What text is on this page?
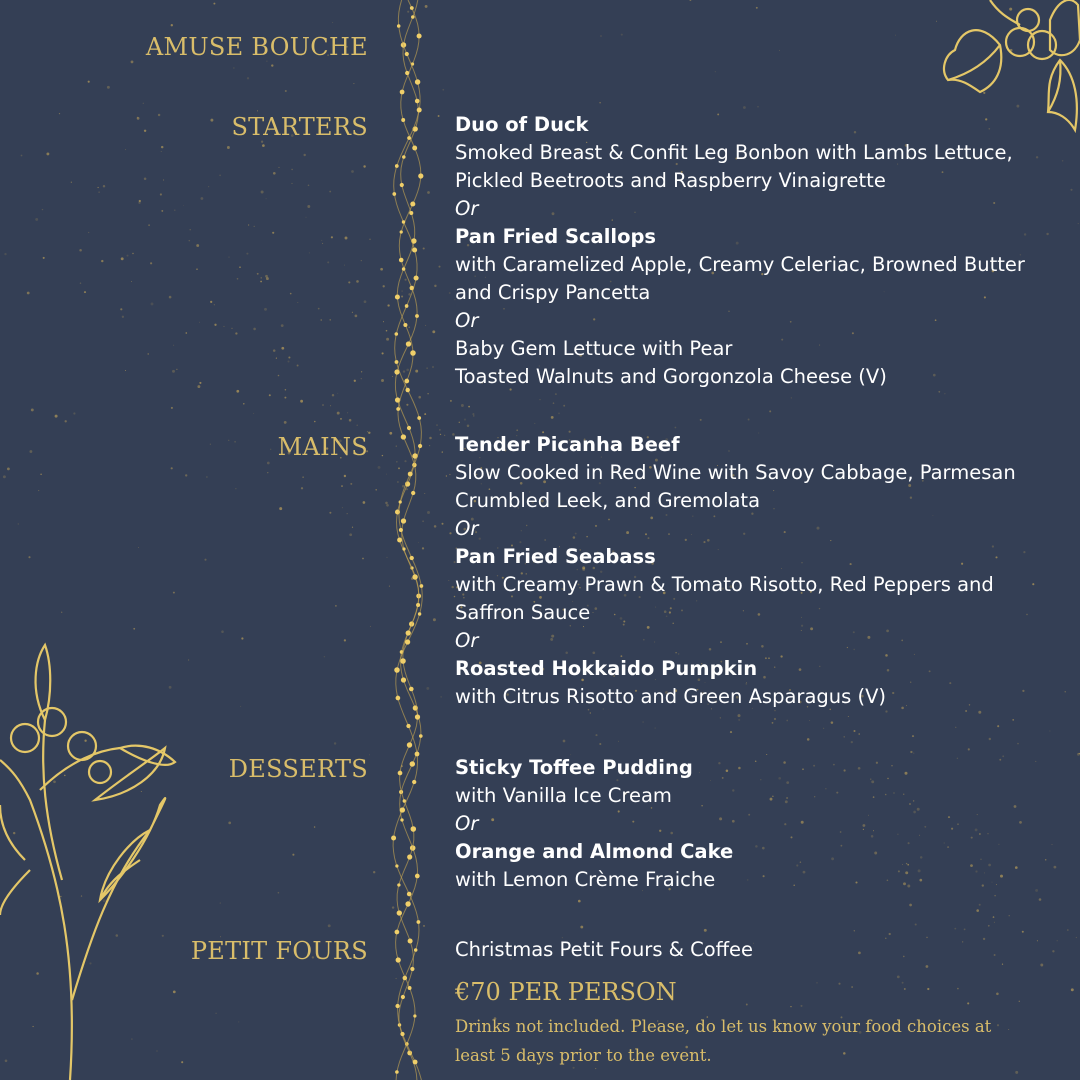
AMUSE BOUCHE
STARTERS
MAINS
DESSERTS
PETIT FOURS
Duo of Duck
Smoked Breast & Confit Leg Bonbon with Lambs Lettuce,
Pickled Beetroots and Raspberry Vinaigrette
Or
Pan Fried Scallops
with Caramelized Apple, Creamy Celeriac, Browned Butter
and Crispy Pancetta
Or
Baby Gem Lettuce with Pear
Toasted Walnuts and Gorgonzola Cheese (V)
Tender Picanha Beef
Slow Cooked in Red Wine with Savoy Cabbage, Parmesan
Crumbled Leek, and Gremolata
Or
Pan Fried Seabass
with Creamy Prawn & Tomato Risotto, Red Peppers and
Saffron Sauce
Or
Roasted Hokkaido Pumpkin
with Citrus Risotto and Green Asparagus (V)
Sticky Toffee Pudding
with Vanilla Ice Cream
Or
Orange and Almond Cake
with Lemon Crème Fraiche
Christmas Petit Fours & Coffee
€70 PER PERSON
Drinks not included. Please, do let us know your food choices at least 5 days prior to the event.
